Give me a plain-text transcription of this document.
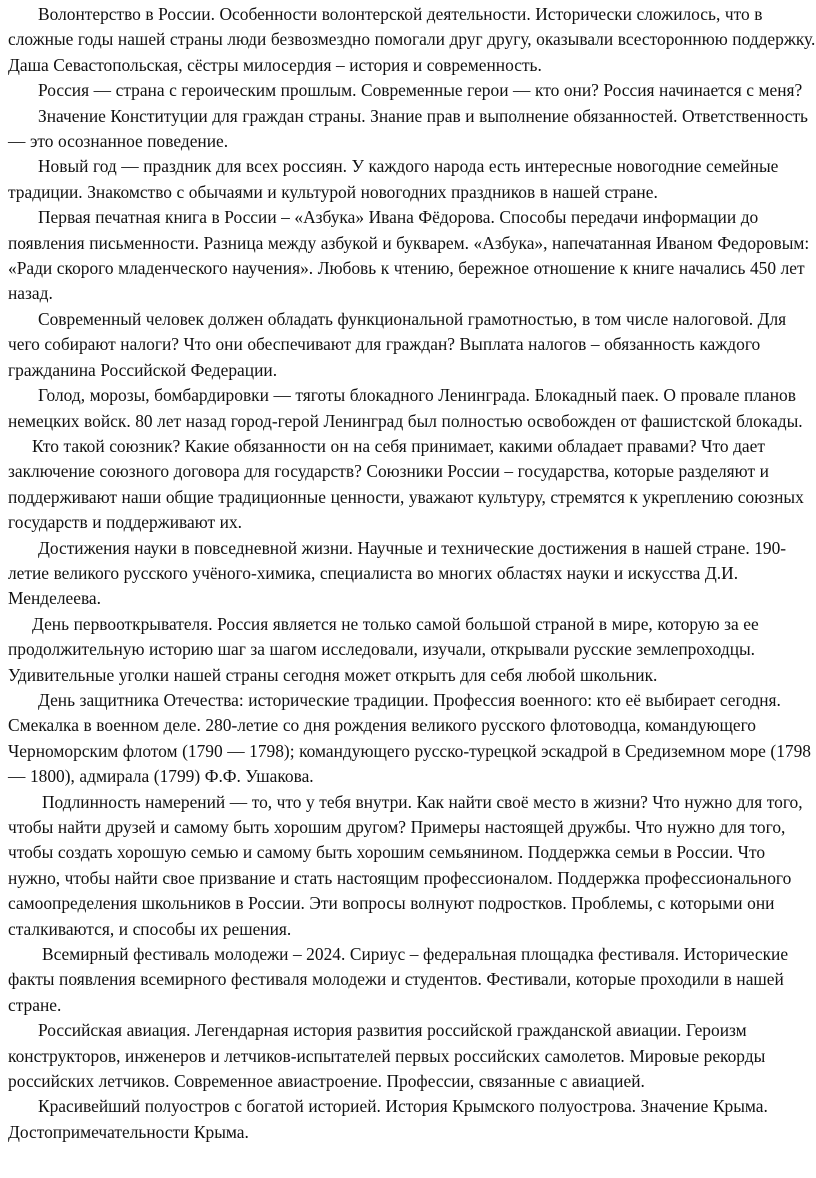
Волонтерство в России. Особенности волонтерской деятельности. Исторически сложилось, что в сложные годы нашей страны люди безвозмездно помогали друг другу, оказывали всестороннюю поддержку. Даша Севастопольская, сёстры милосердия – история и современность.

Россия — страна с героическим прошлым. Современные герои — кто они? Россия начинается с меня?

Значение Конституции для граждан страны. Знание прав и выполнение обязанностей. Ответственность — это осознанное поведение.

Новый год — праздник для всех россиян. У каждого народа есть интересные новогодние семейные традиции. Знакомство с обычаями и культурой новогодних праздников в нашей стране.

Первая печатная книга в России – «Азбука» Ивана Фёдорова. Способы передачи информации до появления письменности. Разница между азбукой и букварем. «Азбука», напечатанная Иваном Федоровым: «Ради скорого младенческого научения». Любовь к чтению, бережное отношение к книге начались 450 лет назад.

Современный человек должен обладать функциональной грамотностью, в том числе налоговой. Для чего собирают налоги? Что они обеспечивают для граждан? Выплата налогов – обязанность каждого гражданина Российской Федерации.

Голод, морозы, бомбардировки — тяготы блокадного Ленинграда. Блокадный паек. О провале планов немецких войск. 80 лет назад город-герой Ленинград был полностью освобожден от фашистской блокады.

Кто такой союзник? Какие обязанности он на себя принимает, какими обладает правами? Что дает заключение союзного договора для государств? Союзники России – государства, которые разделяют и поддерживают наши общие традиционные ценности, уважают культуру, стремятся к укреплению союзных государств и поддерживают их.

Достижения науки в повседневной жизни. Научные и технические достижения в нашей стране. 190-летие великого русского учёного-химика, специалиста во многих областях науки и искусства Д.И. Менделеева.

День первооткрывателя. Россия является не только самой большой страной в мире, которую за ее продолжительную историю шаг за шагом исследовали, изучали, открывали русские землепроходцы. Удивительные уголки нашей страны сегодня может открыть для себя любой школьник.

День защитника Отечества: исторические традиции. Профессия военного: кто её выбирает сегодня. Смекалка в военном деле. 280-летие со дня рождения великого русского флотоводца, командующего Черноморским флотом (1790 — 1798); командующего русско-турецкой эскадрой в Средиземном море (1798 — 1800), адмирала (1799) Ф.Ф. Ушакова.

Подлинность намерений — то, что у тебя внутри. Как найти своё место в жизни? Что нужно для того, чтобы найти друзей и самому быть хорошим другом? Примеры настоящей дружбы. Что нужно для того, чтобы создать хорошую семью и самому быть хорошим семьянином. Поддержка семьи в России. Что нужно, чтобы найти свое призвание и стать настоящим профессионалом. Поддержка профессионального самоопределения школьников в России. Эти вопросы волнуют подростков. Проблемы, с которыми они сталкиваются, и способы их решения.

Всемирный фестиваль молодежи – 2024. Сириус – федеральная площадка фестиваля. Исторические факты появления всемирного фестиваля молодежи и студентов. Фестивали, которые проходили в нашей стране.

Российская авиация. Легендарная история развития российской гражданской авиации. Героизм конструкторов, инженеров и летчиков-испытателей первых российских самолетов. Мировые рекорды российских летчиков. Современное авиастроение. Профессии, связанные с авиацией.

Красивейший полуостров с богатой историей. История Крымского полуострова. Значение Крыма. Достопримечательности Крыма.
